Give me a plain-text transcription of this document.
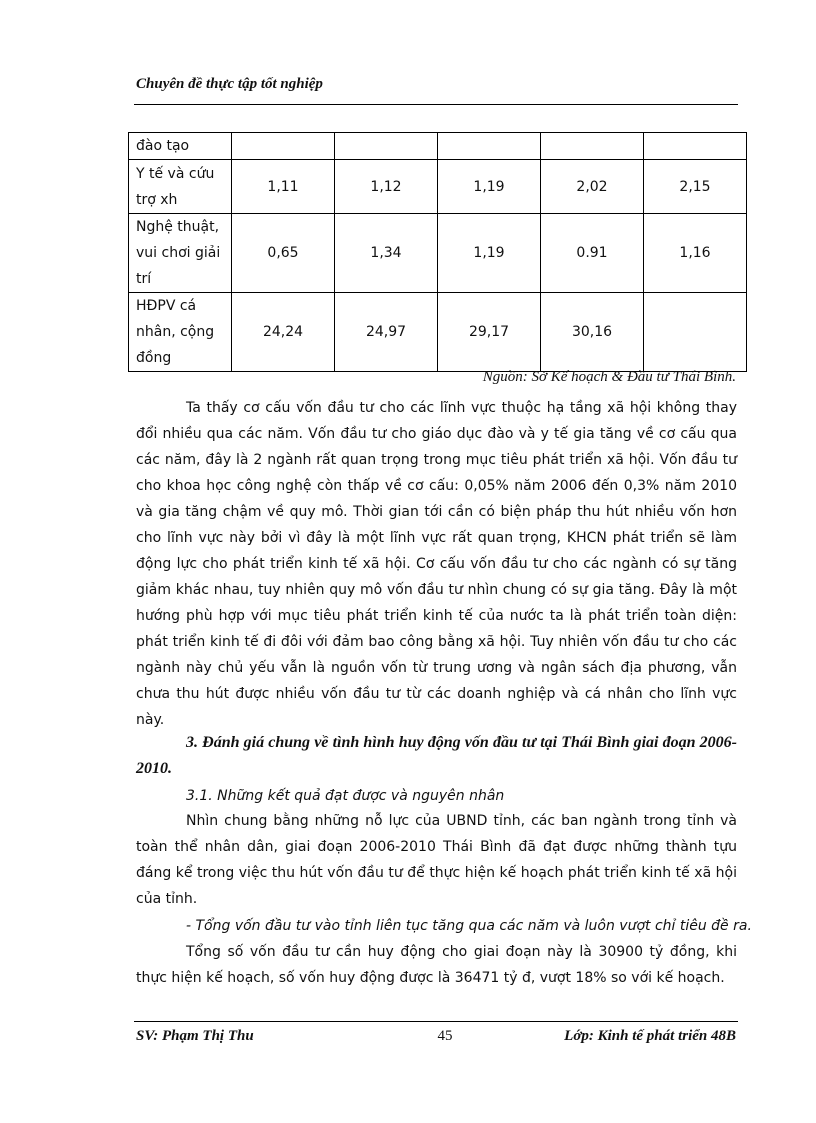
Chuyên đề thực tập tốt nghiệp
đào tạo					
Y tế và cứu trợ xh	1,11	1,12	1,19	2,02	2,15
Nghệ thuật, vui chơi giải trí	0,65	1,34	1,19	0.91	1,16
HĐPV cá nhân, cộng đồng	24,24	24,97	29,17	30,16	
Nguồn: Sở Kế hoạch & Đầu tư Thái Bình.

Ta thấy cơ cấu vốn đầu tư cho các lĩnh vực thuộc hạ tầng xã hội không thay đổi nhiều qua các năm. Vốn đầu tư cho giáo dục đào và y tế gia tăng về cơ cấu qua các năm, đây là 2 ngành rất quan trọng trong mục tiêu phát triển xã hội. Vốn đầu tư cho khoa học công nghệ còn thấp về cơ cấu: 0,05% năm 2006 đến 0,3% năm 2010 và gia tăng chậm về quy mô. Thời gian tới cần có biện pháp thu hút nhiều vốn hơn cho lĩnh vực này bởi vì đây là một lĩnh vực rất quan trọng, KHCN phát triển sẽ làm động lực cho phát triển kinh tế xã hội. Cơ cấu vốn đầu tư cho các ngành có sự tăng giảm khác nhau, tuy nhiên quy mô vốn đầu tư nhìn chung có sự gia tăng. Đây là một hướng phù hợp với mục tiêu phát triển kinh tế của nước ta là phát triển toàn diện: phát triển kinh tế đi đôi với đảm bao công bằng xã hội. Tuy nhiên vốn đầu tư cho các ngành này chủ yếu vẫn là nguồn vốn từ trung ương và ngân sách địa phương, vẫn chưa thu hút được nhiều vốn đầu tư từ các doanh nghiệp và cá nhân cho lĩnh vực này.

3. Đánh giá chung về tình hình huy động vốn đầu tư tại Thái Bình giai đoạn 2006-2010.

3.1. Những kết quả đạt được và nguyên nhân

Nhìn chung bằng những nỗ lực của UBND tỉnh, các ban ngành trong tỉnh và toàn thể nhân dân, giai đoạn 2006-2010 Thái Bình đã đạt được những thành tựu đáng kể trong việc thu hút vốn đầu tư để thực hiện kế hoạch phát triển kinh tế xã hội của tỉnh.

- Tổng vốn đầu tư vào tỉnh liên tục tăng qua các năm và luôn vượt chỉ tiêu đề ra.

Tổng số vốn đầu tư cần huy động cho giai đoạn này là 30900 tỷ đồng, khi thực hiện kế hoạch, số vốn huy động được là 36471 tỷ đ, vượt 18% so với kế hoạch.

SV: Phạm Thị Thu	45	Lớp: Kinh tế phát triển 48B
